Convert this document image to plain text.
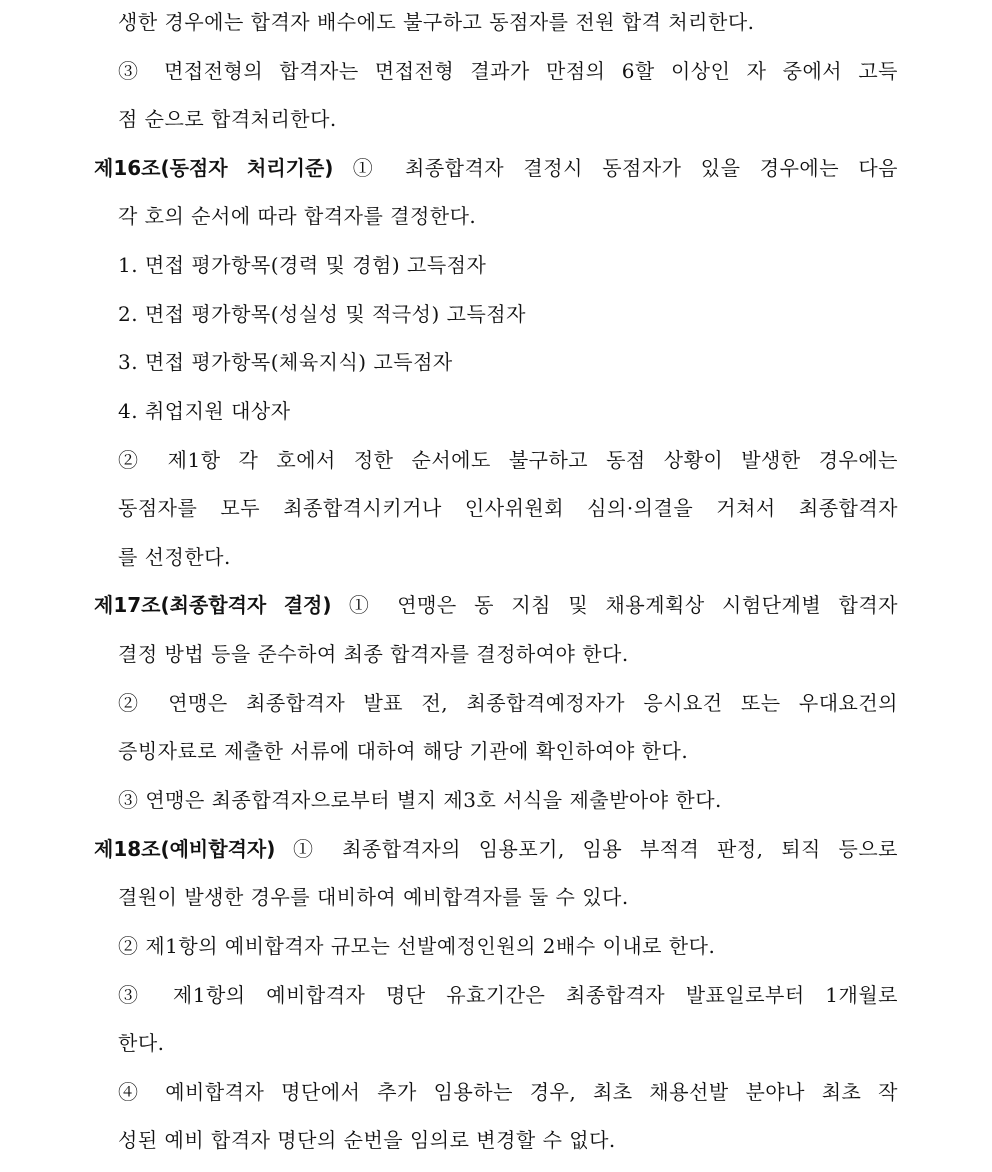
생한 경우에는 합격자 배수에도 불구하고 동점자를 전원 합격 처리한다.
③ 면접전형의 합격자는 면접전형 결과가 만점의 6할 이상인 자 중에서 고득
점 순으로 합격처리한다.
제16조(동점자 처리기준) ① 최종합격자 결정시 동점자가 있을 경우에는 다음
각 호의 순서에 따라 합격자를 결정한다.
1. 면접 평가항목(경력 및 경험) 고득점자
2. 면접 평가항목(성실성 및 적극성) 고득점자
3. 면접 평가항목(체육지식) 고득점자
4. 취업지원 대상자
② 제1항 각 호에서 정한 순서에도 불구하고 동점 상황이 발생한 경우에는
동점자를 모두 최종합격시키거나 인사위원회 심의·의결을 거쳐서 최종합격자
를 선정한다.
제17조(최종합격자 결정) ① 연맹은 동 지침 및 채용계획상 시험단계별 합격자
결정 방법 등을 준수하여 최종 합격자를 결정하여야 한다.
② 연맹은 최종합격자 발표 전, 최종합격예정자가 응시요건 또는 우대요건의
증빙자료로 제출한 서류에 대하여 해당 기관에 확인하여야 한다.
③ 연맹은 최종합격자으로부터 별지 제3호 서식을 제출받아야 한다.
제18조(예비합격자) ① 최종합격자의 임용포기, 임용 부적격 판정, 퇴직 등으로
결원이 발생한 경우를 대비하여 예비합격자를 둘 수 있다.
② 제1항의 예비합격자 규모는 선발예정인원의 2배수 이내로 한다.
③ 제1항의 예비합격자 명단 유효기간은 최종합격자 발표일로부터 1개월로
한다.
④ 예비합격자 명단에서 추가 임용하는 경우, 최초 채용선발 분야나 최초 작
성된 예비 합격자 명단의 순번을 임의로 변경할 수 없다.
